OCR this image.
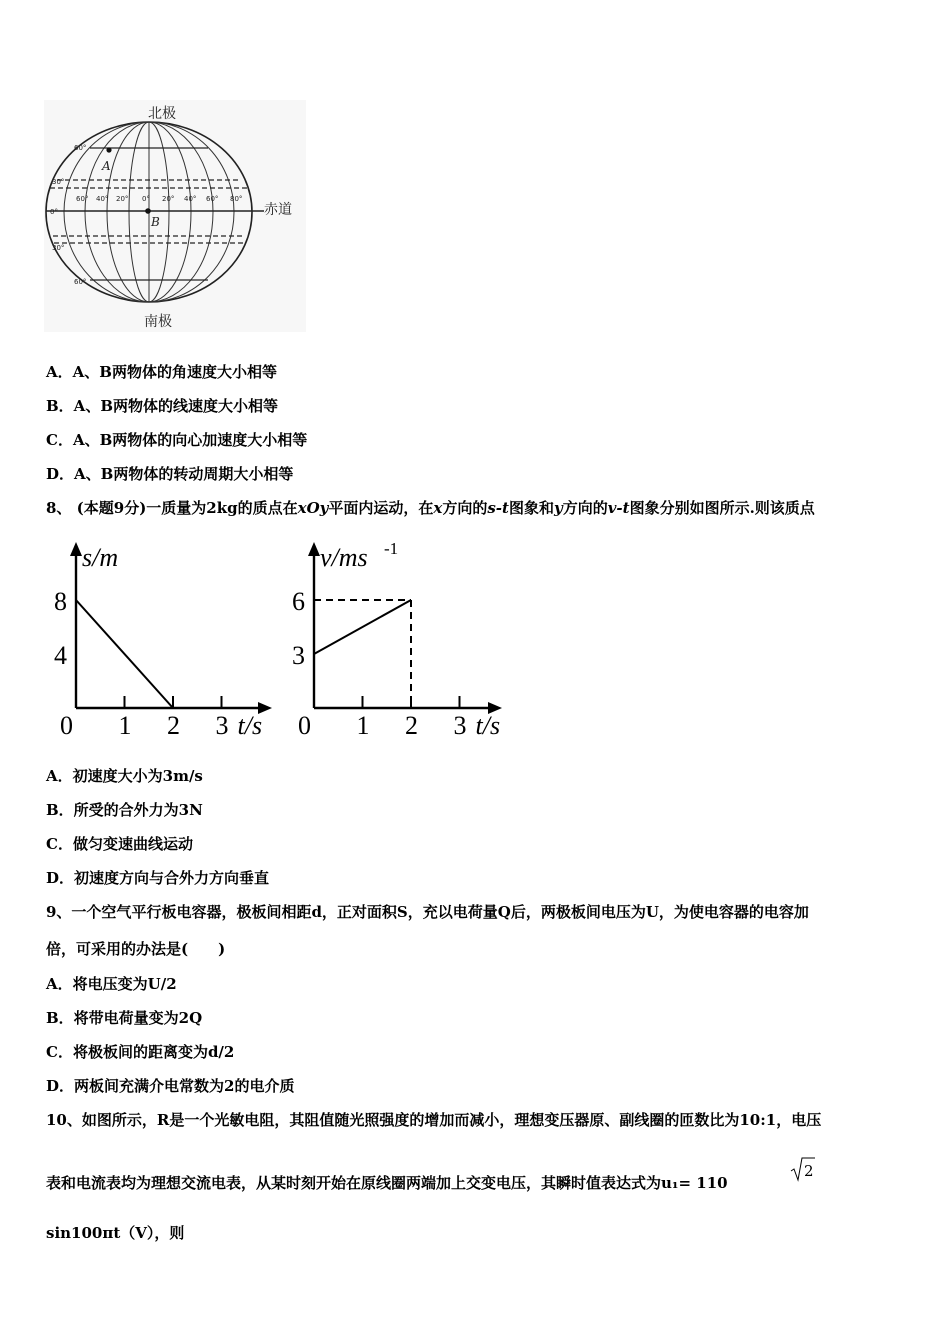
60°
30°
0°
30°
60°
60° 40° 20° 0° 20° 40° 60° 80°
A
B
北极
南极
赤道
A．A、B两物体的角速度大小相等
B．A、B两物体的线速度大小相等
C．A、B两物体的向心加速度大小相等
D．A、B两物体的转动周期大小相等
8、 (本题9分)一质量为2kg的质点在xOy平面内运动，在x方向的s-t图象和y方向的v-t图象分别如图所示.则该质点
0 1 2 3
4
8
t/s
s/m
0 1 2 3
3
6
t/s
v/ms -1
A．初速度大小为3m/s
B．所受的合外力为3N
C．做匀变速曲线运动
D．初速度方向与合外力方向垂直
9、一个空气平行板电容器，极板间相距d，正对面积S，充以电荷量Q后，两极板间电压为U，为使电容器的电容加
倍，可采用的办法是(　　)
A．将电压变为U/2
B．将带电荷量变为2Q
C．将极板间的距离变为d/2
D．两板间充满介电常数为2的电介质
10、如图所示，R是一个光敏电阻，其阻值随光照强度的增加而减小，理想变压器原、副线圈的匝数比为10:1，电压
表和电流表均为理想交流电表，从某时刻开始在原线圈两端加上交变电压，其瞬时值表达式为u₁= 110
2
sin100πt（V），则
